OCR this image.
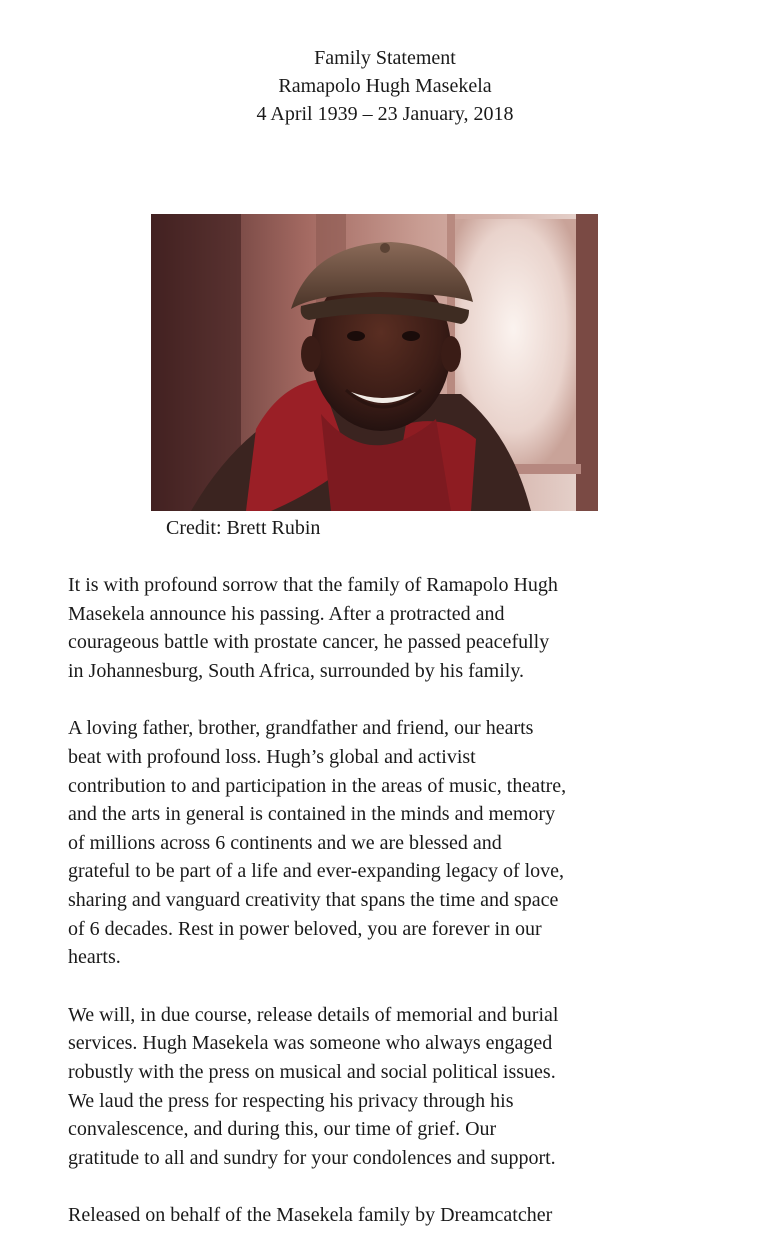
Family Statement
Ramapolo Hugh Masekela
4 April 1939 – 23 January, 2018
Credit: Brett Rubin

It is with profound sorrow that the family of Ramapolo Hugh
Masekela announce his passing. After a protracted and
courageous battle with prostate cancer, he passed peacefully
in Johannesburg, South Africa, surrounded by his family.

A loving father, brother, grandfather and friend, our hearts
beat with profound loss. Hugh’s global and activist
contribution to and participation in the areas of music, theatre,
and the arts in general is contained in the minds and memory
of millions across 6 continents and we are blessed and
grateful to be part of a life and ever-expanding legacy of love,
sharing and vanguard creativity that spans the time and space
of 6 decades. Rest in power beloved, you are forever in our
hearts.

We will, in due course, release details of memorial and burial
services. Hugh Masekela was someone who always engaged
robustly with the press on musical and social political issues.
We laud the press for respecting his privacy through his
convalescence, and during this, our time of grief. Our
gratitude to all and sundry for your condolences and support.

Released on behalf of the Masekela family by Dreamcatcher
